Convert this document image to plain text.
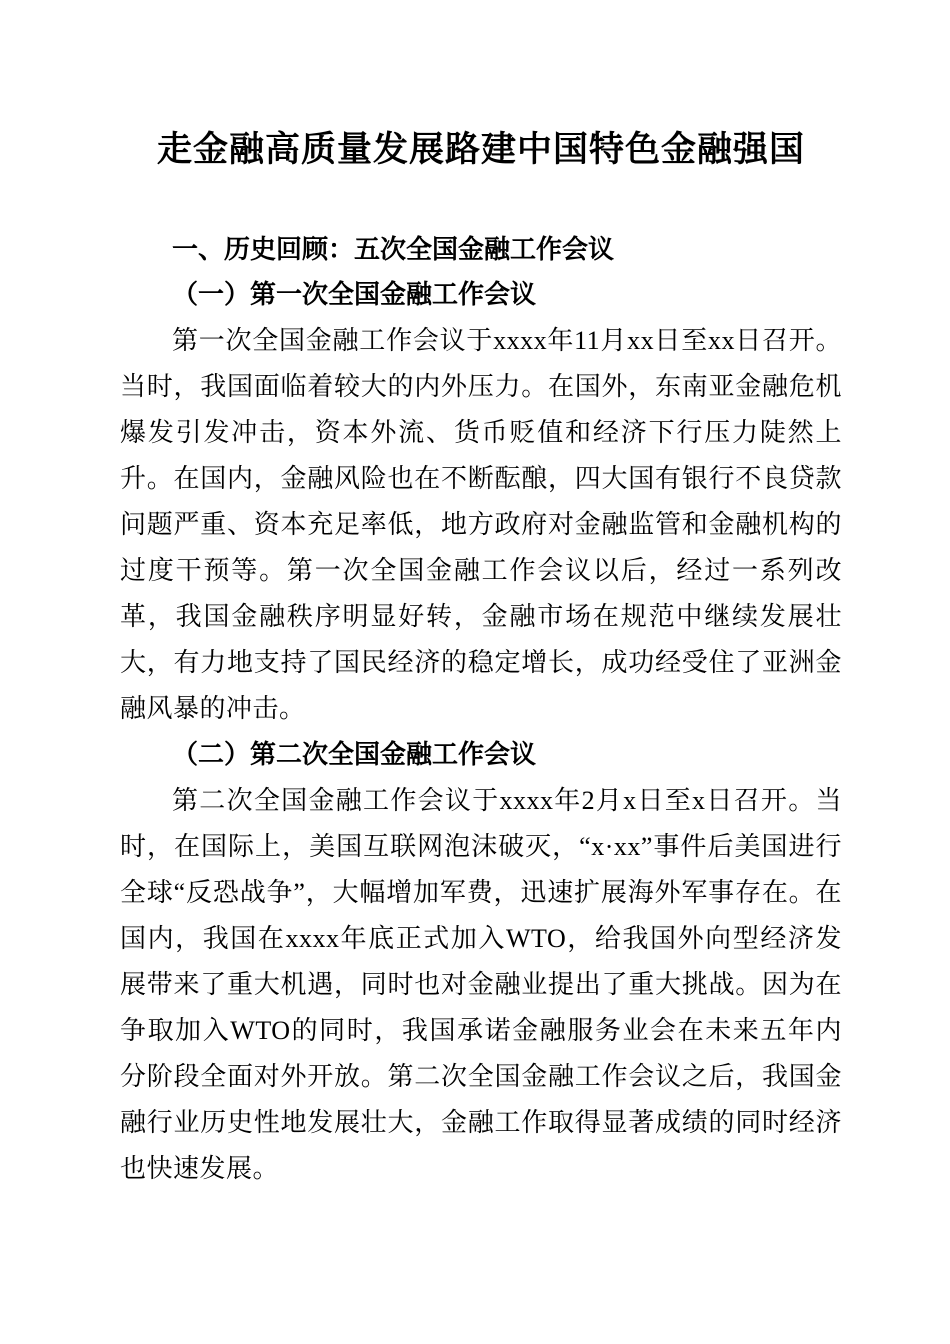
走金融高质量发展路建中国特色金融强国
一、历史回顾：五次全国金融工作会议
（一）第一次全国金融工作会议

第一次全国金融工作会议于xxxx年11月xx日至xx日召开。当时，我国面临着较大的内外压力。在国外，东南亚金融危机爆发引发冲击，资本外流、货币贬值和经济下行压力陡然上升。在国内，金融风险也在不断酝酿，四大国有银行不良贷款问题严重、资本充足率低，地方政府对金融监管和金融机构的过度干预等。第一次全国金融工作会议以后，经过一系列改革，我国金融秩序明显好转，金融市场在规范中继续发展壮大，有力地支持了国民经济的稳定增长，成功经受住了亚洲金融风暴的冲击。

（二）第二次全国金融工作会议

第二次全国金融工作会议于xxxx年2月x日至x日召开。当时，在国际上，美国互联网泡沫破灭，“x·xx”事件后美国进行全球“反恐战争”，大幅增加军费，迅速扩展海外军事存在。在国内，我国在xxxx年底正式加入WTO，给我国外向型经济发展带来了重大机遇，同时也对金融业提出了重大挑战。因为在争取加入WTO的同时，我国承诺金融服务业会在未来五年内分阶段全面对外开放。第二次全国金融工作会议之后，我国金融行业历史性地发展壮大，金融工作取得显著成绩的同时经济也快速发展。
